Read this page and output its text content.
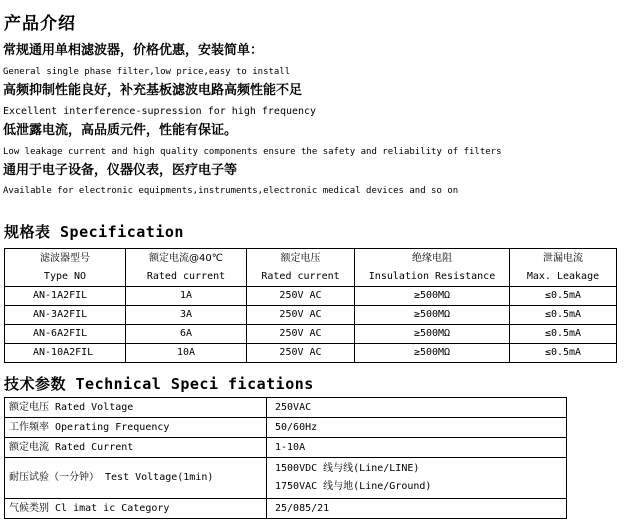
产品介绍
常规通用单相滤波器，价格优惠，安装简单：
General single phase filter,low price,easy to install
高频抑制性能良好，补充基板滤波电路高频性能不足
Excellent interference-supression for high frequency
低泄露电流，高品质元件，性能有保证。
Low leakage current and high quality components ensure the safety and reliability of filters
通用于电子设备，仪器仪表，医疗电子等
Available for electronic equipments,instruments,electronic medical devices and so on
规格表 Specification
滤波器型号	额定电流@40℃	额定电压	绝缘电阻	泄漏电流
Type NO	Rated current	Rated current	Insulation Resistance	Max. Leakage
AN-1A2FIL	1A	250V AC	≥500MΩ	≤0.5mA
AN-3A2FIL	3A	250V AC	≥500MΩ	≤0.5mA
AN-6A2FIL	6A	250V AC	≥500MΩ	≤0.5mA
AN-10A2FIL	10A	250V AC	≥500MΩ	≤0.5mA
技术参数 Technical Speci fications
额定电压 Rated Voltage	250VAC
工作频率 Operating Frequency	50/60Hz
额定电流 Rated Current	1-10A
耐压试验（一分钟） Test Voltage(1min)	1500VDC 线与线(Line/LINE)
1750VAC 线与地(Line/Ground)

气候类别 Cl imat ic Category	25/085/21
